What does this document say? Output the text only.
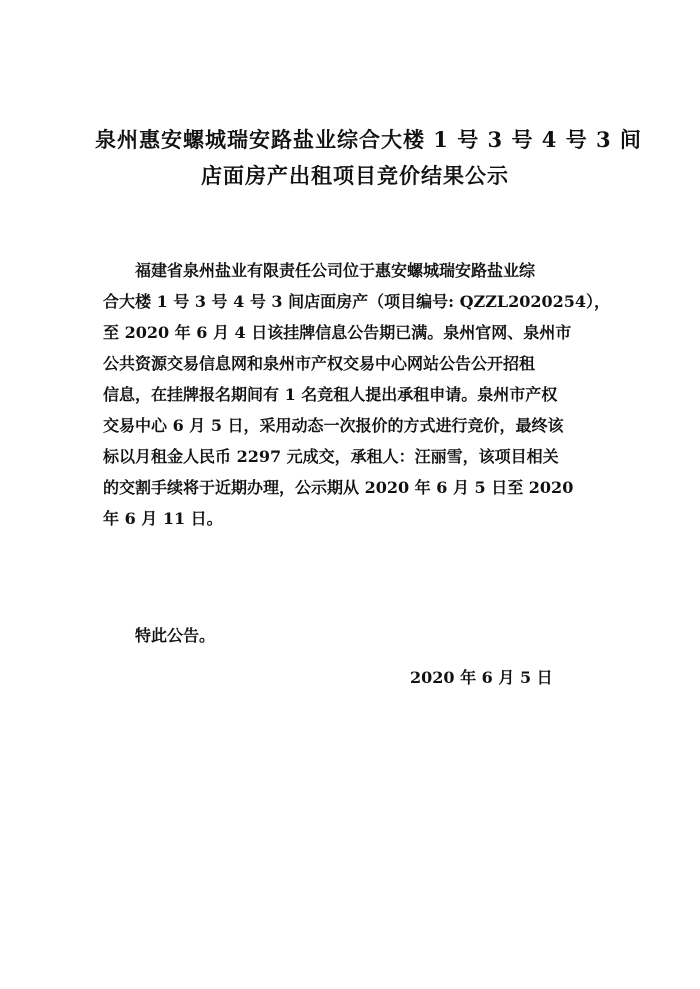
泉州惠安螺城瑞安路盐业综合大楼 1 号 3 号 4 号 3 间
店面房产出租项目竞价结果公示
福建省泉州盐业有限责任公司位于惠安螺城瑞安路盐业综
合大楼 1 号 3 号 4 号 3 间店面房产（项目编号: QZZL2020254），
至 2020 年 6 月 4 日该挂牌信息公告期已满。泉州官网、泉州市
公共资源交易信息网和泉州市产权交易中心网站公告公开招租
信息，在挂牌报名期间有 1 名竞租人提出承租申请。泉州市产权
交易中心 6 月 5 日，采用动态一次报价的方式进行竞价，最终该
标以月租金人民币 2297 元成交，承租人：汪丽雪，该项目相关
的交割手续将于近期办理，公示期从 2020 年 6 月 5 日至 2020
年 6 月 11 日。
特此公告。
2020 年 6 月 5 日
